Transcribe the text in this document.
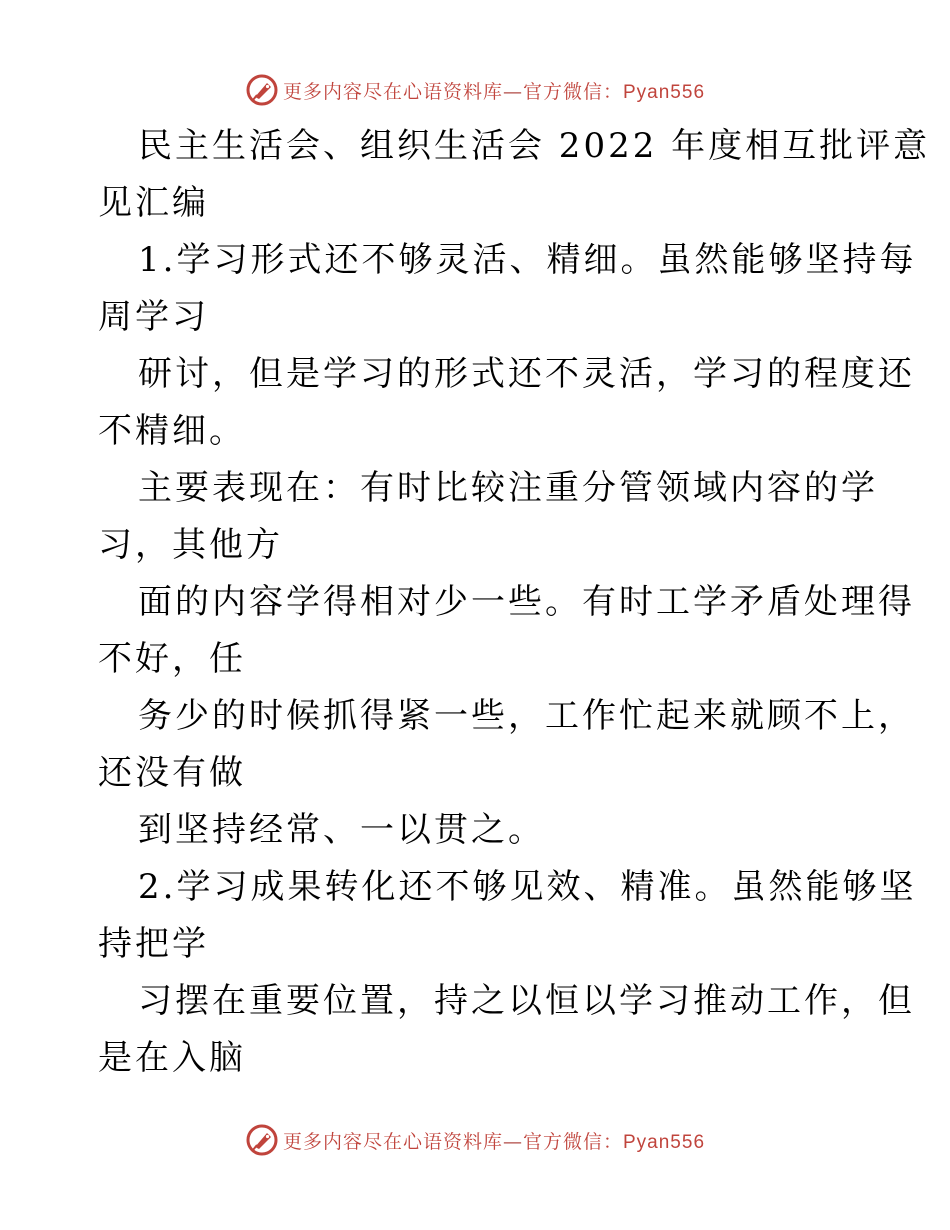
更多内容尽在心语资料库—官方微信：Pyan556
民主生活会、组织生活会 2022 年度相互批评意
见汇编
1.学习形式还不够灵活、精细。虽然能够坚持每
周学习
研讨，但是学习的形式还不灵活，学习的程度还
不精细。
主要表现在：有时比较注重分管领域内容的学
习，其他方
面的内容学得相对少一些。有时工学矛盾处理得
不好，任
务少的时候抓得紧一些，工作忙起来就顾不上，
还没有做
到坚持经常、一以贯之。
2.学习成果转化还不够见效、精准。虽然能够坚
持把学
习摆在重要位置，持之以恒以学习推动工作，但
是在入脑
更多内容尽在心语资料库—官方微信：Pyan556
